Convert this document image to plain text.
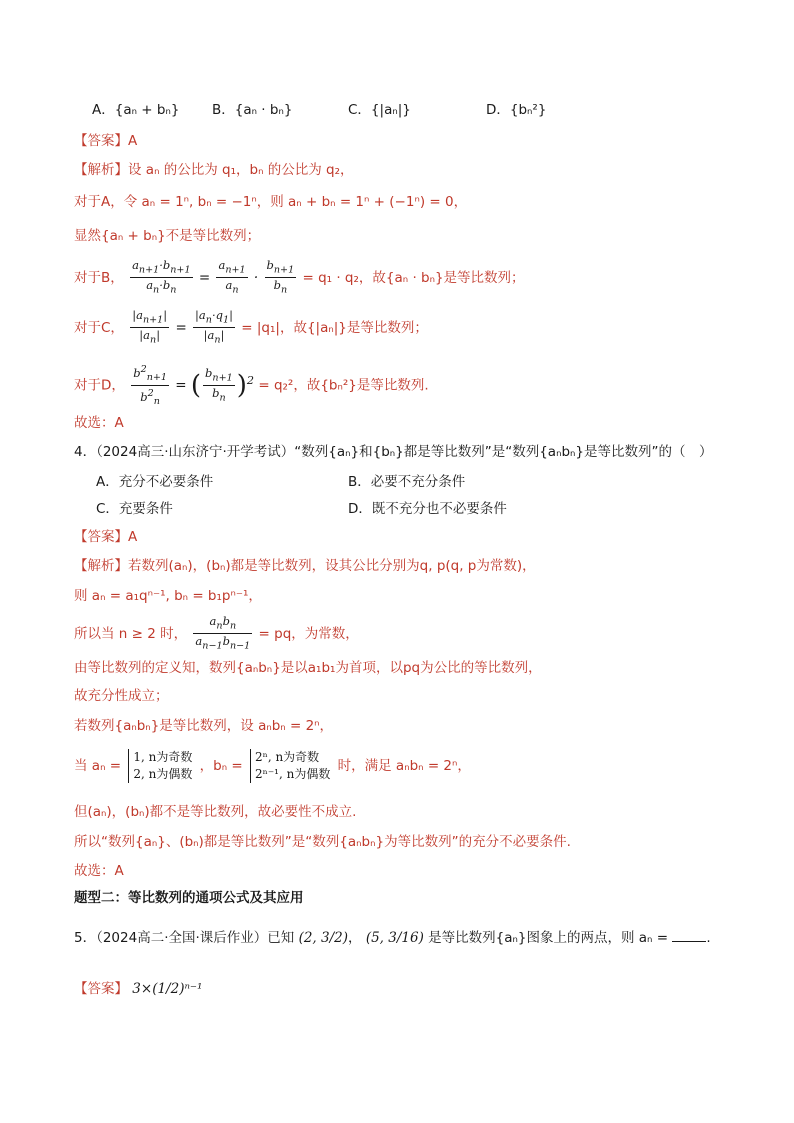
A．{aₙ + bₙ} B．{aₙ · bₙ}	C．{|aₙ|}	D．{bₙ²}
【答案】A
【解析】设 aₙ 的公比为 q₁，bₙ 的公比为 q₂，
对于A，令 aₙ = 1ⁿ, bₙ = −1ⁿ，则 aₙ + bₙ = 1ⁿ + (−1ⁿ) = 0，
显然{aₙ + bₙ}不是等比数列；
对于B， $\frac{a_{n+1}\cdot b_{n+1}}{a_n\cdot b_n} = \frac{a_{n+1}}{a_n} \cdot \frac{b_{n+1}}{b_n} = q_1 \cdot q_2$，故{aₙ · bₙ}是等比数列；
对于C， $\frac{|a_{n+1}|}{|a_n|} = \frac{|a_n\cdot q_1|}{|a_n|} = |q_1|$，故{|aₙ|}是等比数列；
对于D， $\frac{b^2_{n+1}}{b^2_n}$ = ( $\frac{b_{n+1}}{b_n} )^2 = q_2^2$，故{bₙ²}是等比数列.
故选：A
4．（2024高三·山东济宁·开学考试）“数列{aₙ}和{bₙ}都是等比数列”是“数列{aₙbₙ}是等比数列”的（　）
A．充分不必要条件	B．必要不充分条件
C．充要条件	D．既不充分也不必要条件
【答案】A
【解析】若数列(aₙ)，(bₙ)都是等比数列，设其公比分别为q, p(q, p为常数)，
则 aₙ = a₁qⁿ⁻¹, bₙ = b₁pⁿ⁻¹，
所以当 n ≥ 2 时， $\frac{a_nb_n}{a_{n-1}b_{n-1}}$ = pq，为常数，
由等比数列的定义知，数列{aₙbₙ}是以a₁b₁为首项，以pq为公比的等比数列，
故充分性成立；
若数列{aₙbₙ}是等比数列，设 aₙbₙ = 2ⁿ，
当 aₙ =
1, n为奇数
2, n为偶数 ，bₙ =
2ⁿ, n为奇数
2ⁿ⁻¹, n为偶数 时，满足 aₙbₙ = 2ⁿ，
但(aₙ)，(bₙ)都不是等比数列，故必要性不成立.
所以“数列{aₙ}、(bₙ)都是等比数列”是“数列{aₙbₙ}为等比数列”的充分不必要条件.
故选：A
题型二：等比数列的通项公式及其应用
5．（2024高二·全国·课后作业）已知 (2, 3/2)， (5, 3/16) 是等比数列{aₙ}图象上的两点，则 aₙ =	.
【答案】 3×(1/2)ⁿ⁻¹
